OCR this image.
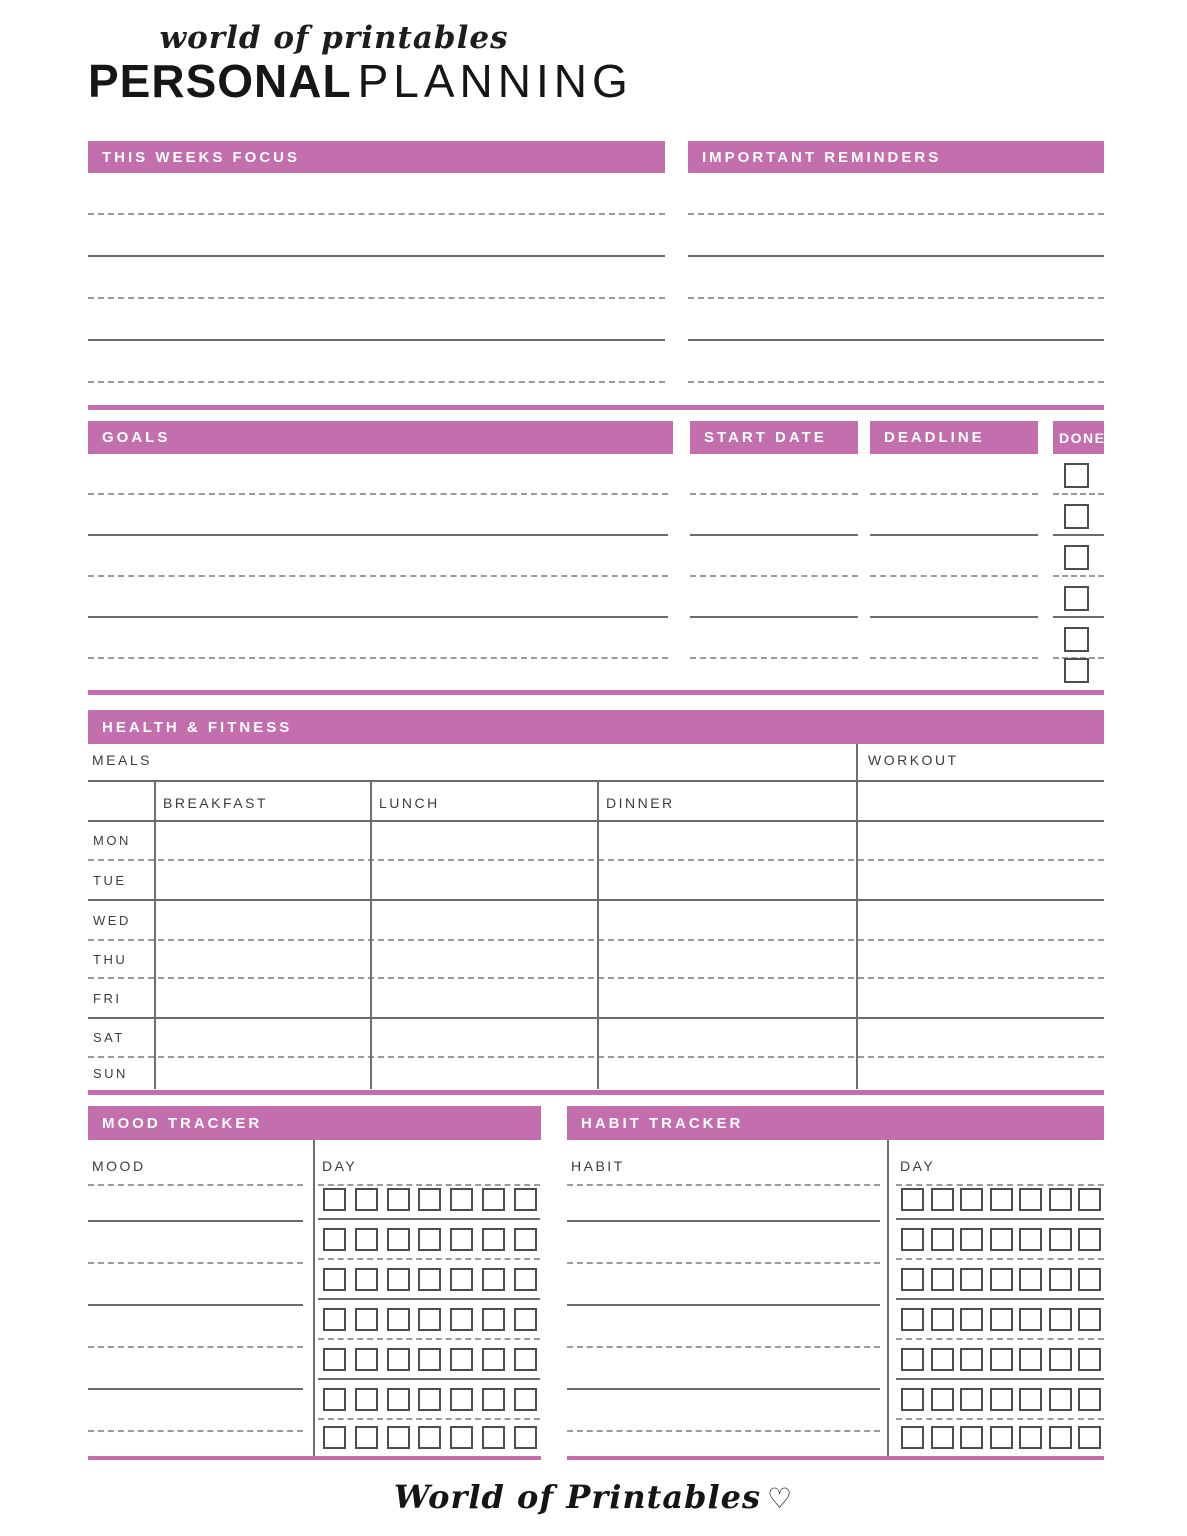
world of printables
PERSONAL PLANNING
THIS WEEKS FOCUS	IMPORTANT REMINDERS
GOALS	START DATE	DEADLINE	DONE
HEALTH & FITNESS
MEALS	WORKOUT
BREAKFAST	LUNCH	DINNER
MON
TUE
WED
THU
FRI
SAT
SUN
MOOD TRACKER
MOOD	DAY
HABIT TRACKER
HABIT	DAY
World of Printables ♡
